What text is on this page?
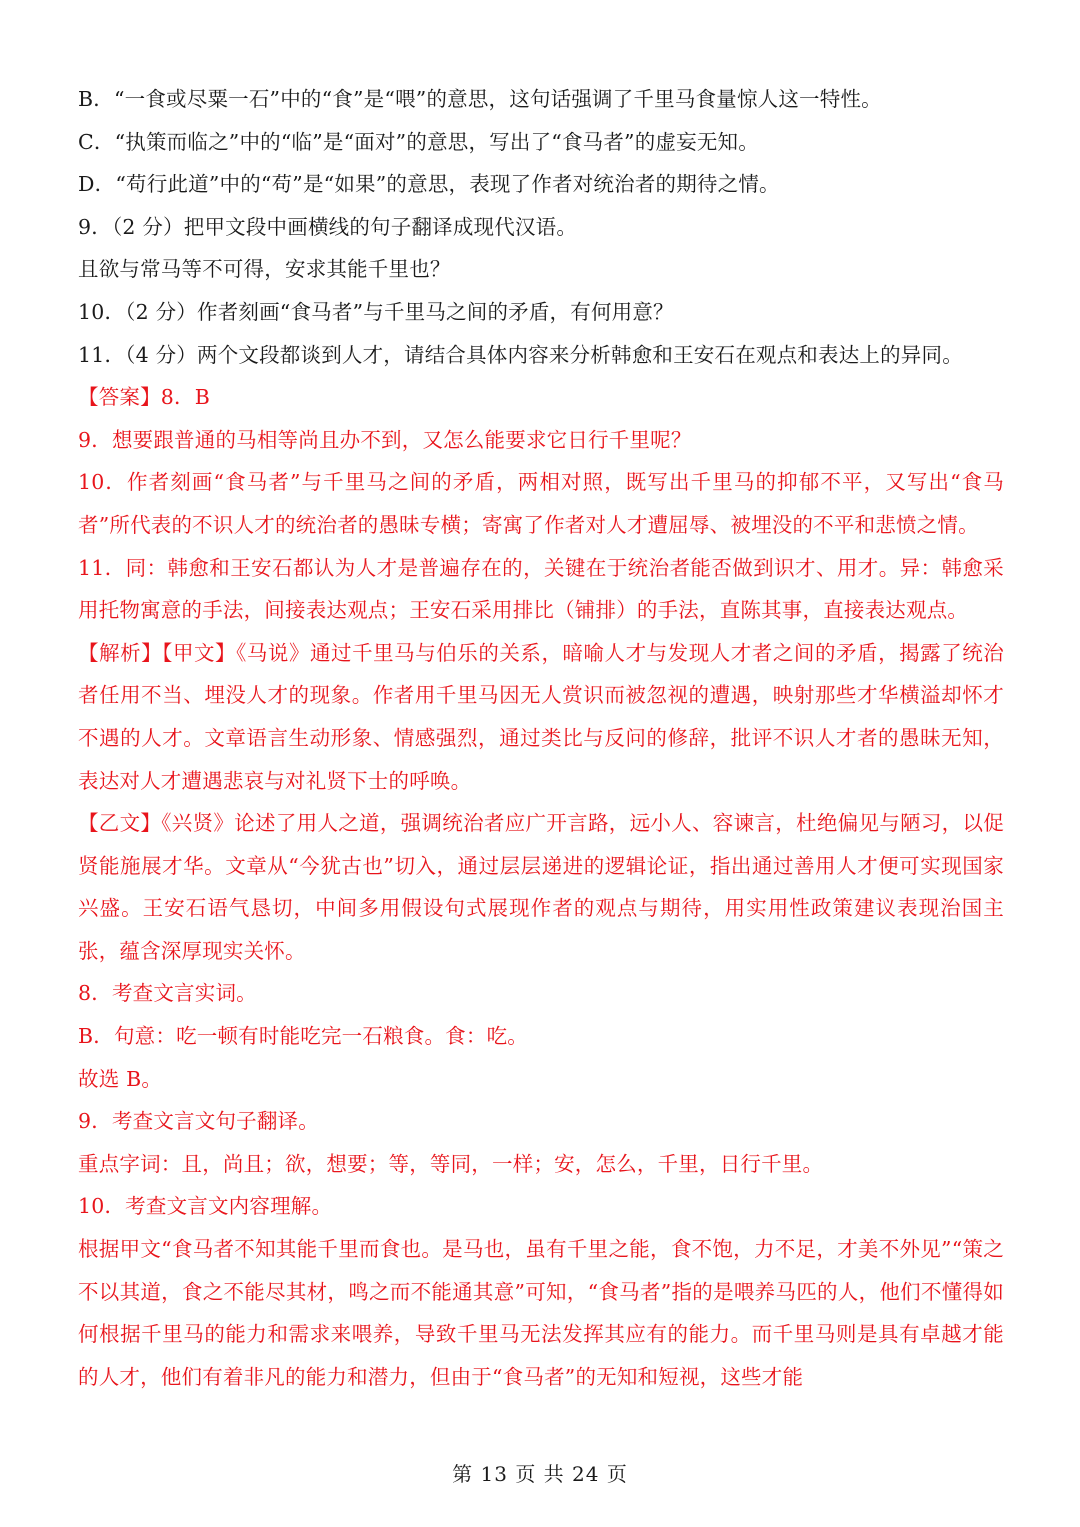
B．“一食或尽粟一石”中的“食”是“喂”的意思，这句话强调了千里马食量惊人这一特性。
C．“执策而临之”中的“临”是“面对”的意思，写出了“食马者”的虚妄无知。
D．“苟行此道”中的“苟”是“如果”的意思，表现了作者对统治者的期待之情。
9．（2 分）把甲文段中画横线的句子翻译成现代汉语。
且欲与常马等不可得，安求其能千里也？
10．（2 分）作者刻画“食马者”与千里马之间的矛盾，有何用意？
11．（4 分）两个文段都谈到人才，请结合具体内容来分析韩愈和王安石在观点和表达上的异同。
【答案】8．B
9．想要跟普通的马相等尚且办不到，又怎么能要求它日行千里呢？
10．作者刻画“食马者”与千里马之间的矛盾，两相对照，既写出千里马的抑郁不平，又写出“食马者”所代表的不识人才的统治者的愚昧专横；寄寓了作者对人才遭屈辱、被埋没的不平和悲愤之情。
11．同：韩愈和王安石都认为人才是普遍存在的，关键在于统治者能否做到识才、用才。异：韩愈采用托物寓意的手法，间接表达观点；王安石采用排比（铺排）的手法，直陈其事，直接表达观点。
【解析】【甲文】《马说》通过千里马与伯乐的关系，暗喻人才与发现人才者之间的矛盾，揭露了统治者任用不当、埋没人才的现象。作者用千里马因无人赏识而被忽视的遭遇，映射那些才华横溢却怀才不遇的人才。文章语言生动形象、情感强烈，通过类比与反问的修辞，批评不识人才者的愚昧无知，表达对人才遭遇悲哀与对礼贤下士的呼唤。
【乙文】《兴贤》论述了用人之道，强调统治者应广开言路，远小人、容谏言，杜绝偏见与陋习，以促贤能施展才华。文章从“今犹古也”切入，通过层层递进的逻辑论证，指出通过善用人才便可实现国家兴盛。王安石语气恳切，中间多用假设句式展现作者的观点与期待，用实用性政策建议表现治国主张，蕴含深厚现实关怀。
8．考查文言实词。
B．句意：吃一顿有时能吃完一石粮食。食：吃。
故选 B。
9．考查文言文句子翻译。
重点字词：且，尚且；欲，想要；等，等同，一样；安，怎么，千里，日行千里。
10．考查文言文内容理解。
根据甲文“食马者不知其能千里而食也。是马也，虽有千里之能，食不饱，力不足，才美不外见”“策之不以其道，食之不能尽其材，鸣之而不能通其意”可知，“食马者”指的是喂养马匹的人，他们不懂得如何根据千里马的能力和需求来喂养，导致千里马无法发挥其应有的能力。而千里马则是具有卓越才能的人才，他们有着非凡的能力和潜力，但由于“食马者”的无知和短视，这些才能
第 13 页 共 24 页
